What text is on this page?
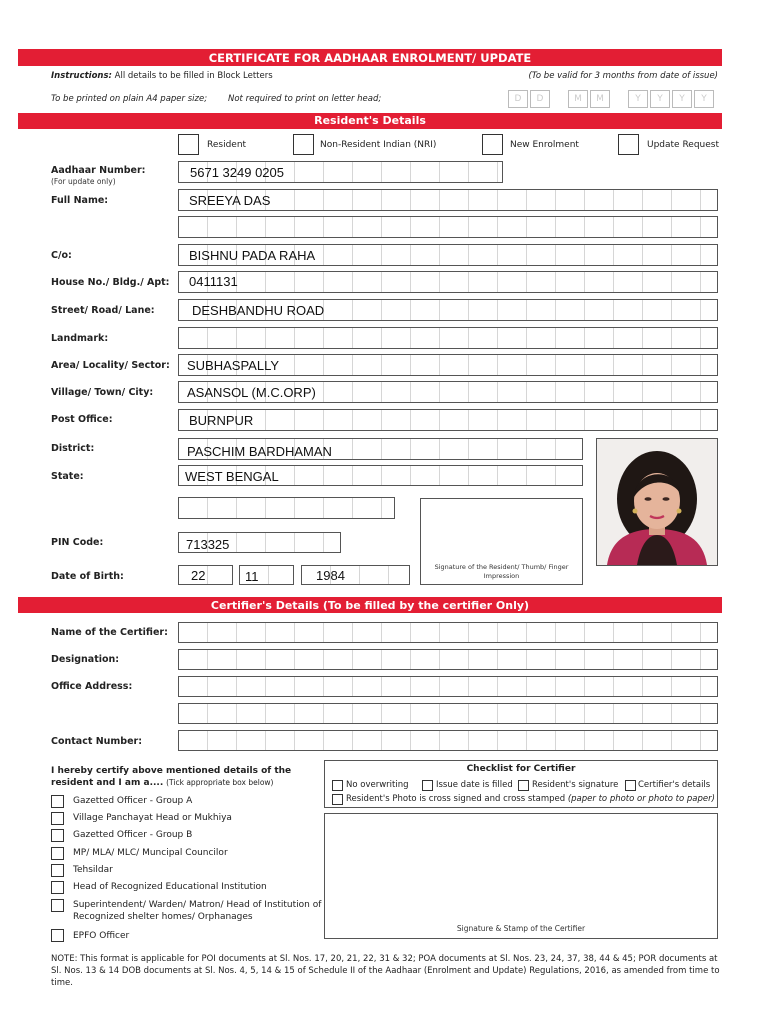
CERTIFICATE FOR AADHAAR ENROLMENT/ UPDATE
Instructions: All details to be filled in Block Letters	(To be valid for 3 months from date of issue)
To be printed on plain A4 paper size; Not required to print on letter head;	D	D	M	M	Y	Y	Y	Y
Resident's Details
Resident	Non-Resident Indian (NRI)	New Enrolment	Update Request
Aadhaar Number:
(For update only)
5671 3249 0205
Full Name:	SREEYA DAS
C/o:	BISHNU PADA RAHA
House No./ Bldg./ Apt: 0411131
Street/ Road/ Lane:	DESHBANDHU ROAD
Landmark:
Area/ Locality/ Sector: SUBHASPALLY
Village/ Town/ City:	ASANSOL (M.C.ORP)
Post Office:	BURNPUR
District:	PASCHIM BARDHAMAN
State:	WEST BENGAL
Signature of the Resident/ Thumb/ Finger Impression
PIN Code:	713325
Date of Birth:	22	11	1984
Certifier's Details (To be filled by the certifier Only)
Name of the Certifier:
Designation:
Office Address:
Contact Number:
I hereby certify above mentioned details of the resident and I am a.... (Tick appropriate box below)
Gazetted Officer - Group A
Village Panchayat Head or Mukhiya
Gazetted Officer - Group B
MP/ MLA/ MLC/ Muncipal Councilor
Tehsildar
Head of Recognized Educational Institution
Superintendent/ Warden/ Matron/ Head of Institution of Recognized shelter homes/ Orphanages
EPFO Officer
Checklist for Certifier
No overwriting	Issue date is filled Resident's signature Certifier's details
Resident's Photo is cross signed and cross stamped (paper to photo or photo to paper)
Signature & Stamp of the Certifier
NOTE: This format is applicable for POI documents at Sl. Nos. 17, 20, 21, 22, 31 & 32; POA documents at Sl. Nos. 23, 24, 37, 38, 44 & 45; POR documents at Sl. Nos. 13 & 14 DOB documents at Sl. Nos. 4, 5, 14 & 15 of Schedule II of the Aadhaar (Enrolment and Update) Regulations, 2016, as amended from time to time.
